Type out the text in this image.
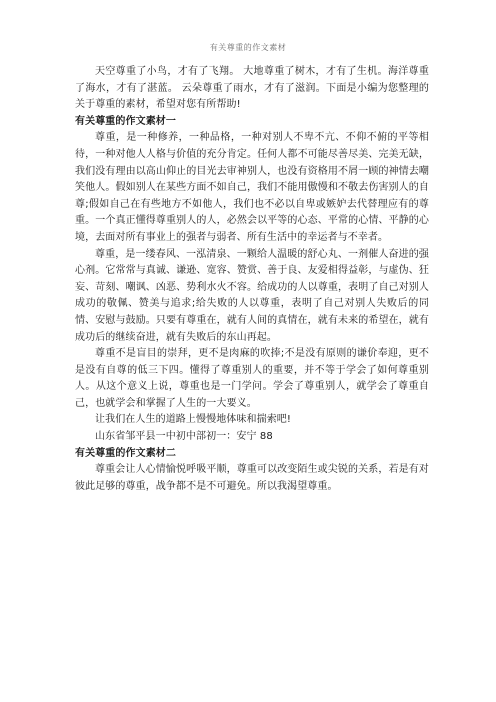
有关尊重的作文素材

天空尊重了小鸟，才有了飞翔。 大地尊重了树木，才有了生机。海洋尊重了海水，才有了湛蓝。 云朵尊重了雨水，才有了滋润。下面是小编为您整理的关于尊重的素材，希望对您有所帮助!

有关尊重的作文素材一

尊重，是一种修养，一种品格，一种对别人不卑不亢、不仰不俯的平等相待，一种对他人人格与价值的充分肯定。任何人都不可能尽善尽美、完美无缺，我们没有理由以高山仰止的目光去审神别人，也没有资格用不屑一顾的神情去嘲笑他人。假如别人在某些方面不如自己，我们不能用傲慢和不敬去伤害别人的自尊;假如自己在有些地方不如他人，我们也不必以自卑或嫉妒去代替理应有的尊重。一个真正懂得尊重别人的人，必然会以平等的心态、平常的心情、平静的心境，去面对所有事业上的强者与弱者、所有生活中的幸运者与不幸者。

尊重，是一缕春风、一泓清泉、一颗给人温暖的舒心丸、一剂催人奋进的强心剂。它常常与真诚、谦逊、宽容、赞赏、善于良、友爱相得益彰，与虚伪、狂妄、苛刻、嘲讽、凶恶、势利水火不容。给成功的人以尊重，表明了自己对别人成功的敬佩、赞美与追求;给失败的人以尊重，表明了自己对别人失败后的同情、安慰与鼓励。只要有尊重在，就有人间的真情在，就有未来的希望在，就有成功后的继续奋进，就有失败后的东山再起。

尊重不是盲目的崇拜，更不是肉麻的吹捧;不是没有原则的谦价奉迎，更不是没有自尊的低三下四。懂得了尊重别人的重要，并不等于学会了如何尊重别人。从这个意义上说，尊重也是一门学问。学会了尊重别人，就学会了尊重自己，也就学会和掌握了人生的一大要义。

让我们在人生的道路上慢慢地体味和揣索吧!

山东省邹平县一中初中部初一：安宁 88

有关尊重的作文素材二

尊重会让人心情愉悦呼吸平顺，尊重可以改变陌生或尖锐的关系，若是有对彼此足够的尊重，战争都不是不可避免。所以我渴望尊重。
